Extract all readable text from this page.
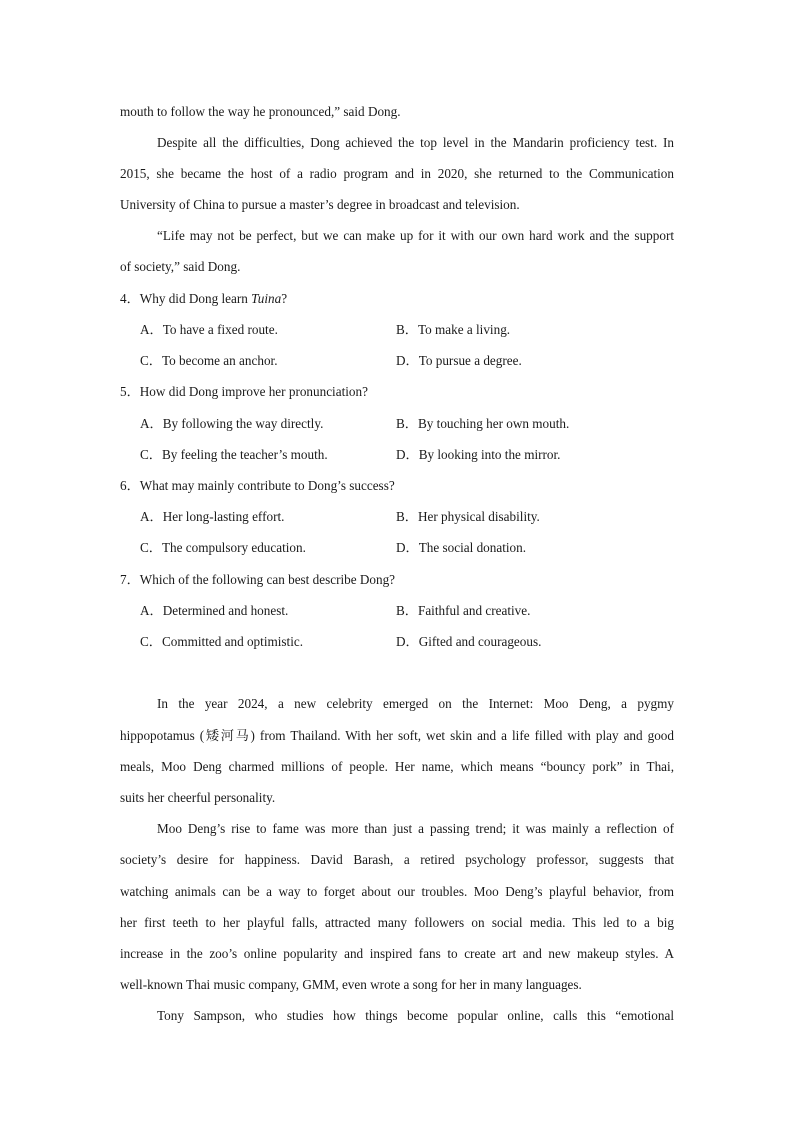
mouth to follow the way he pronounced,” said Dong.
Despite all the difficulties, Dong achieved the top level in the Mandarin proficiency test. In
2015, she became the host of a radio program and in 2020, she returned to the Communication
University of China to pursue a master’s degree in broadcast and television.
“Life may not be perfect, but we can make up for it with our own hard work and the support
of society,” said Dong.
4．Why did Dong learn Tuina?
A．To have a fixed route.	B．To make a living.
C．To become an anchor.	D．To pursue a degree.
5．How did Dong improve her pronunciation?
A．By following the way directly.	B．By touching her own mouth.
C．By feeling the teacher’s mouth.	D．By looking into the mirror.
6．What may mainly contribute to Dong’s success?
A．Her long-lasting effort.	B．Her physical disability.
C．The compulsory education.	D．The social donation.
7．Which of the following can best describe Dong?
A．Determined and honest.	B．Faithful and creative.
C．Committed and optimistic.	D．Gifted and courageous.
In the year 2024, a new celebrity emerged on the Internet: Moo Deng, a pygmy
hippopotamus (矮河马) from Thailand. With her soft, wet skin and a life filled with play and good
meals, Moo Deng charmed millions of people. Her name, which means “bouncy pork” in Thai,
suits her cheerful personality.
Moo Deng’s rise to fame was more than just a passing trend; it was mainly a reflection of
society’s desire for happiness. David Barash, a retired psychology professor, suggests that
watching animals can be a way to forget about our troubles. Moo Deng’s playful behavior, from
her first teeth to her playful falls, attracted many followers on social media. This led to a big
increase in the zoo’s online popularity and inspired fans to create art and new makeup styles. A
well-known Thai music company, GMM, even wrote a song for her in many languages.
Tony Sampson, who studies how things become popular online, calls this “emotional
